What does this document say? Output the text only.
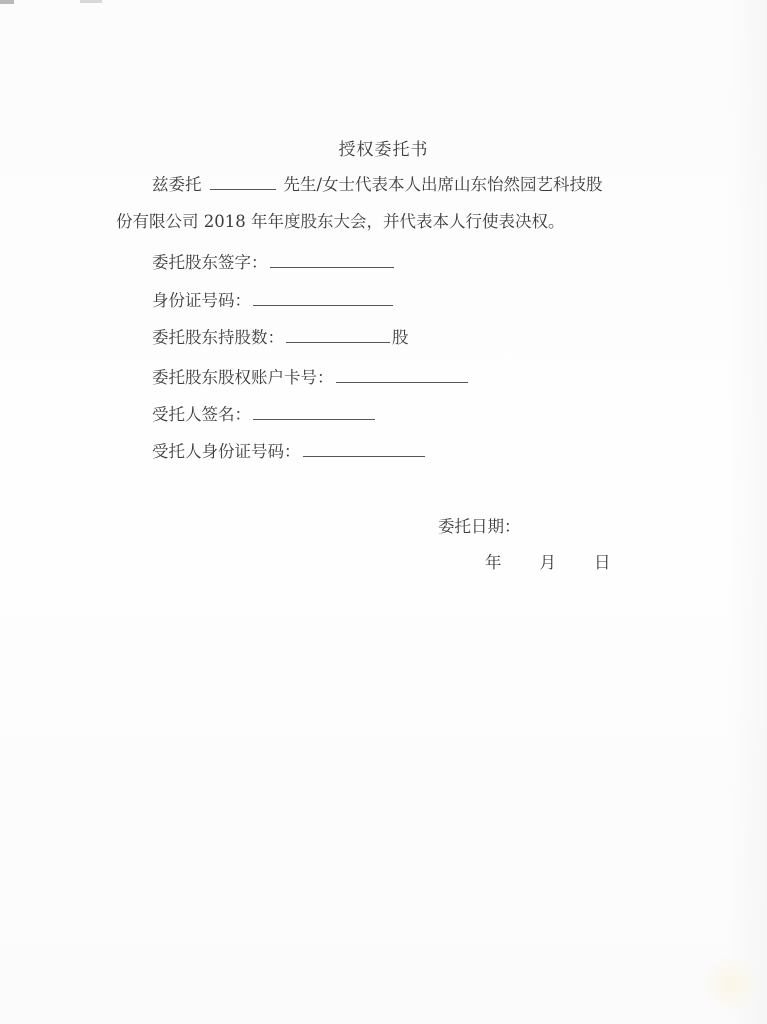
授权委托书
兹委托	先生/女士代表本人出席山东怡然园艺科技股
份有限公司 2018 年年度股东大会，并代表本人行使表决权。
委托股东签字：
身份证号码：
委托股东持股数：	股
委托股东股权账户卡号：
受托人签名：
受托人身份证号码：
委托日期：
年 月 日
